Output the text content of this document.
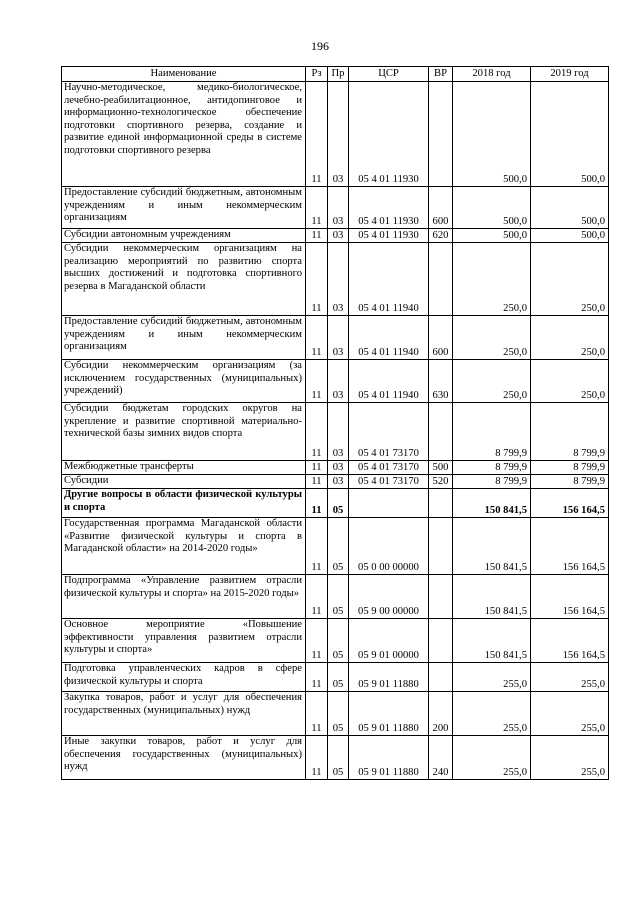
196
Наименование	Рз	Пр	ЦСР	ВР	2018 год	2019 год
Научно-методическое, медико-биологическое, лечебно-реабилитационное, антидопинговое и информационно-технологическое обеспечение подготовки спортивного резерва, создание и развитие единой информационной среды в системе подготовки спортивного резерва	11	03	05 4 01 11930		500,0	500,0
Предоставление субсидий бюджетным, автономным учреждениям и иным некоммерческим организациям	11	03	05 4 01 11930	600	500,0	500,0
Субсидии автономным учреждениям	11	03	05 4 01 11930	620	500,0	500,0
Субсидии некоммерческим организациям на реализацию мероприятий по развитию спорта высших достижений и подготовка спортивного резерва в Магаданской области	11	03	05 4 01 11940		250,0	250,0
Предоставление субсидий бюджетным, автономным учреждениям и иным некоммерческим организациям	11	03	05 4 01 11940	600	250,0	250,0
Субсидии некоммерческим организациям (за исключением государственных (муниципальных) учреждений)	11	03	05 4 01 11940	630	250,0	250,0
Субсидии бюджетам городских округов на укрепление и развитие спортивной материально-технической базы зимних видов спорта	11	03	05 4 01 73170		8 799,9	8 799,9
Межбюджетные трансферты	11	03	05 4 01 73170	500	8 799,9	8 799,9
Субсидии	11	03	05 4 01 73170	520	8 799,9	8 799,9
Другие вопросы в области физической культуры и спорта	11	05			150 841,5	156 164,5
Государственная программа Магаданской области «Развитие физической культуры и спорта в Магаданской области» на 2014-2020 годы»	11	05	05 0 00 00000		150 841,5	156 164,5
Подпрограмма «Управление развитием отрасли физической культуры и спорта» на 2015-2020 годы»	11	05	05 9 00 00000		150 841,5	156 164,5
Основное мероприятие «Повышение эффективности управления развитием отрасли культуры и спорта»	11	05	05 9 01 00000		150 841,5	156 164,5
Подготовка управленческих кадров в сфере физической культуры и спорта	11	05	05 9 01 11880		255,0	255,0
Закупка товаров, работ и услуг для обеспечения государственных (муниципальных) нужд	11	05	05 9 01 11880	200	255,0	255,0
Иные закупки товаров, работ и услуг для обеспечения государственных (муниципальных) нужд	11	05	05 9 01 11880	240	255,0	255,0
